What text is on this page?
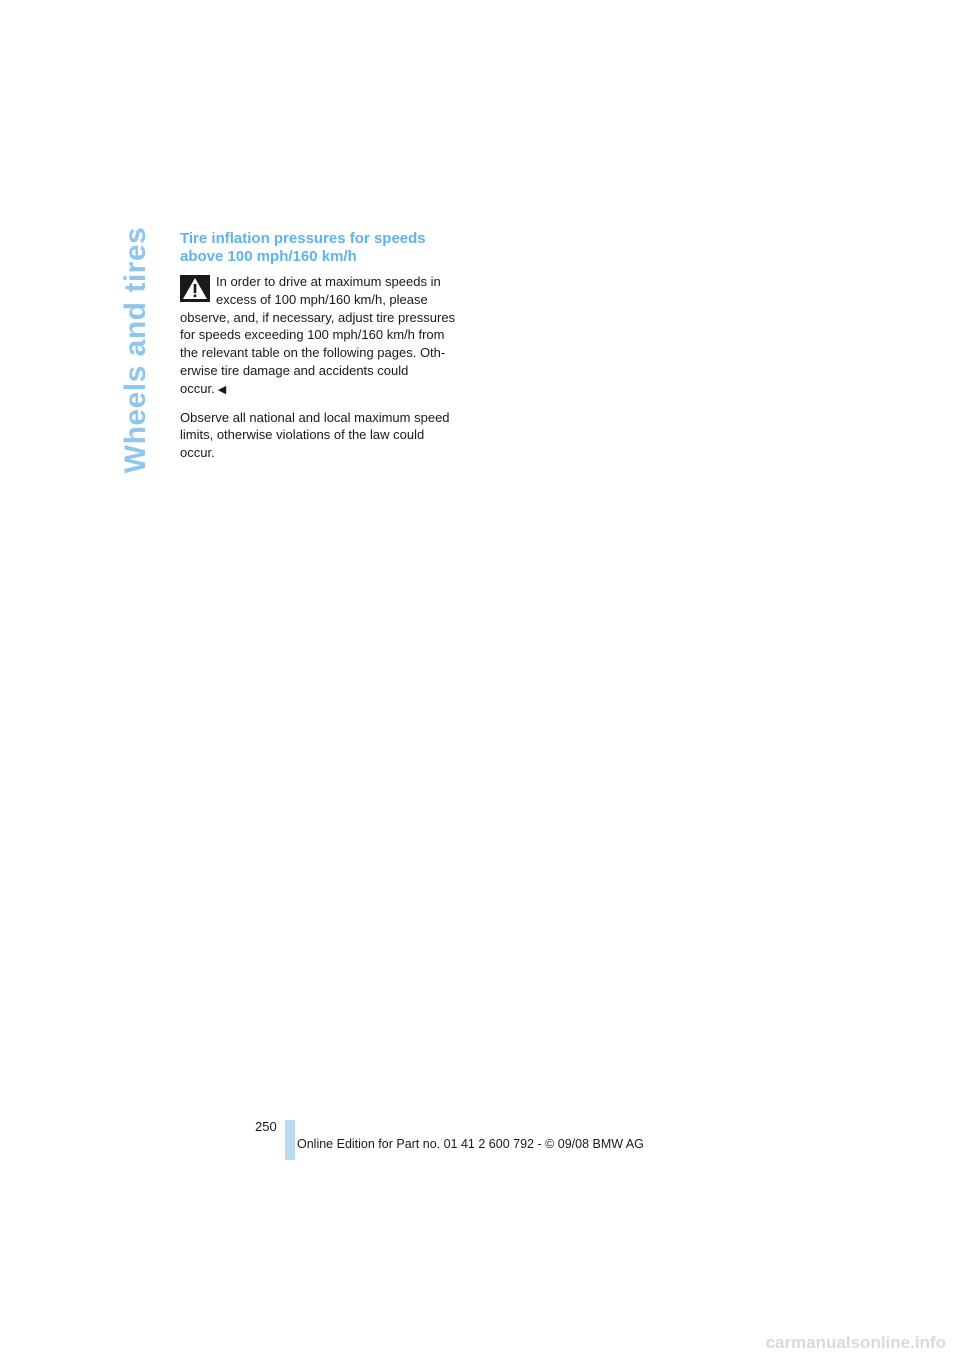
Wheels and tires Tire inflation pressures for speeds
above 100 mph/160 km/h
In order to drive at maximum speeds in
excess of 100 mph/160 km/h, please
observe, and, if necessary, adjust tire pressures
for speeds exceeding 100 mph/160 km/h from
the relevant table on the following pages. Oth-
erwise tire damage and accidents could
occur. ◀
Observe all national and local maximum speed
limits, otherwise violations of the law could
occur.
250
Online Edition for Part no. 01 41 2 600 792 - © 09/08 BMW AG
carmanualsonline.info
